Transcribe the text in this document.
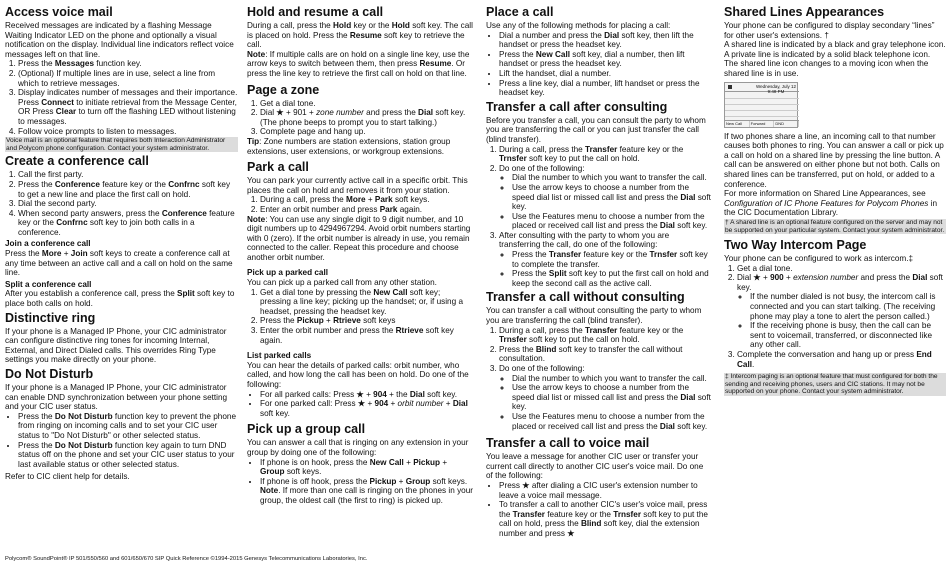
Access voice mail

Received messages are indicated by a flashing Message Waiting Indicator LED on the phone and optionally a visual notification on the display. Individual line indicators reflect voice messages left on that line.

1. Press the Messages function key.
2. (Optional) If multiple lines are in use, select a line from which to retrieve messages.
3. Display indicates number of messages and their importance. Press Connect to initiate retrieval from the Message Center, OR Press Clear to turn off the flashing LED without listening to messages.
4. Follow voice prompts to listen to messages.

Voice mail is an optional feature that requires both Interaction Administrator and Polycom phone configuration. Contact your system administrator.

Create a conference call
1. Call the first party.
2. Press the Conference feature key or the Confrnc soft key to get a new line and place the first call on hold.
3. Dial the second party.
4. When second party answers, press the Conference feature key or the Confrnc soft key to join both calls in a conference.
Join a conference call

Press the More + Join soft keys to create a conference call at any time between an active call and a call on hold on the same line.

Split a conference call

After you establish a conference call, press the Split soft key to place both calls on hold.

Distinctive ring

If your phone is a Managed IP Phone, your CIC administrator can configure distinctive ring tones for incoming Internal, External, and Direct Dialed calls. This overrides Ring Type settings you make directly on your phone.

Do Not Disturb

If your phone is a Managed IP Phone, your CIC administrator can enable DND synchronization between your phone setting and your CIC user status.

• Press the Do Not Disturb function key to prevent the phone from ringing on incoming calls and to set your CIC user status to "Do Not Disturb" or other selected status.
• Press the Do Not Disturb function key again to turn DND status off on the phone and set your CIC user status to your last available status or other selected status.

Refer to CIC client help for details.

Hold and resume a call

During a call, press the Hold key or the Hold soft key. The call is placed on hold. Press the Resume soft key to retrieve the call.

Note: If multiple calls are on hold on a single line key, use the arrow keys to switch between them, then press Resume. Or press the line key to retrieve the first call on hold on that line.

Page a zone
1. Get a dial tone.
2. Dial ★ + 901 + zone number and press the Dial soft key. (The phone beeps to prompt you to start talking.)
3. Complete page and hang up.

Tip: Zone numbers are station extensions, station group extensions, user extensions, or workgroup extensions.

Park a call

You can park your currently active call in a specific orbit. This places the call on hold and removes it from your station.

1. During a call, press the More + Park soft keys.
2. Enter an orbit number and press Park again.

Note: You can use any single digit to 9 digit number, and 10 digit numbers up to 4294967294. Avoid orbit numbers starting with 0 (zero). If the orbit number is already in use, you remain connected to the caller. Repeat this procedure and choose another orbit number.

Pick up a parked call

You can pick up a parked call from any other station.

1. Get a dial tone by pressing the New Call soft key; pressing a line key; picking up the handset; or, if using a headset, pressing the headset key.
2. Press the Pickup + Rtrieve soft keys
3. Enter the orbit number and press the Rtrieve soft key again.
List parked calls

You can hear the details of parked calls: orbit number, who called, and how long the call has been on hold. Do one of the following:

• For all parked calls: Press ★ + 904 + the Dial soft key.
• For one parked call: Press ★ + 904 + orbit number + Dial soft key.
Pick up a group call

You can answer a call that is ringing on any extension in your group by doing one of the following:

• If phone is on hook, press the New Call + Pickup + Group soft keys.
• If phone is off hook, press the Pickup + Group soft keys. Note. If more than one call is ringing on the phones in your group, the oldest call (the first to ring) is picked up.
Place a call

Use any of the following methods for placing a call:

• Dial a number and press the Dial soft key, then lift the handset or press the headset key.
• Press the New Call soft key, dial a number, then lift handset or press the headset key.
• Lift the handset, dial a number.
• Press a line key, dial a number, lift handset or press the headset key.
Transfer a call after consulting

Before you transfer a call, you can consult the party to whom you are transferring the call or you can just transfer the call (blind transfer).

1. During a call, press the Transfer feature key or the Trnsfer soft key to put the call on hold.
2. Do one of the following:
◦ Dial the number to which you want to transfer the call.
◦ Use the arrow keys to choose a number from the speed dial list or missed call list and press the Dial soft key.
◦ Use the Features menu to choose a number from the placed or received call list and press the Dial soft key.
3. After consulting with the party to whom you are transferring the call, do one of the following:
◦ Press the Transfer feature key or the Trnsfer soft key to complete the transfer.
◦ Press the Split soft key to put the first call on hold and keep the second call as the active call.
Transfer a call without consulting

You can transfer a call without consulting the party to whom you are transferring the call (blind transfer).

1. During a call, press the Transfer feature key or the Trnsfer soft key to put the call on hold.
2. Press the Blind soft key to transfer the call without consultation.
3. Do one of the following:
◦ Dial the number to which you want to transfer the call.
◦ Use the arrow keys to choose a number from the speed dial list or missed call list and press the Dial soft key.
◦ Use the Features menu to choose a number from the placed or received call list and press the Dial soft key.
Transfer a call to voice mail

You leave a message for another CIC user or transfer your current call directly to another CIC user's voice mail. Do one of the following:

• Press ★ after dialing a CIC user's extension number to leave a voice mail message.
• To transfer a call to another CIC's user's voice mail, press the Transfer feature key or the Trnsfer soft key to put the call on hold, press the Blind soft key, dial the extension number and press ★
Shared Lines Appearances

Your phone can be configured to display secondary “lines” for other user's extensions. †

A shared line is indicated by a black and gray telephone icon. A private line is indicated by a solid black telephone icon. The shared line icon changes to a moving icon when the shared line is in use.

Wednesday, July 12
9:48 PM
New Call	Forward	DND

If two phones share a line, an incoming call to that number causes both phones to ring. You can answer a call or pick up a call on hold on a shared line by pressing the line button. A call can be answered on either phone but not both. Calls on shared lines can be transferred, put on hold, or added to a conference.

For more information on Shared Line Appearances, see Configuration of IC Phone Features for Polycom Phones in the CIC Documentation Library.

† A shared line is an optional feature configured on the server and may not be supported on your particular system. Contact your system administrator.

Two Way Intercom Page

Your phone can be configured to work as intercom.‡

1. Get a dial tone.
2. Dial ★ + 900 + extension number and press the Dial soft key.
◦ If the number dialed is not busy, the intercom call is connected and you can start talking. (The receiving phone may play a tone to alert the person called.)
◦ If the receiving phone is busy, then the call can be sent to voicemail, transferred, or disconnected like any other call.
3. Complete the conversation and hang up or press End Call.

‡ Intercom paging is an optional feature that must configured for both the sending and receiving phones, users and CIC stations. It may not be supported on your phone. Contact your system administrator.

Polycom® SoundPoint® IP 501/550/560 and 601/650/670 SIP Quick Reference ©1994-2015 Genesys Telecommunications Laboratories, Inc.
